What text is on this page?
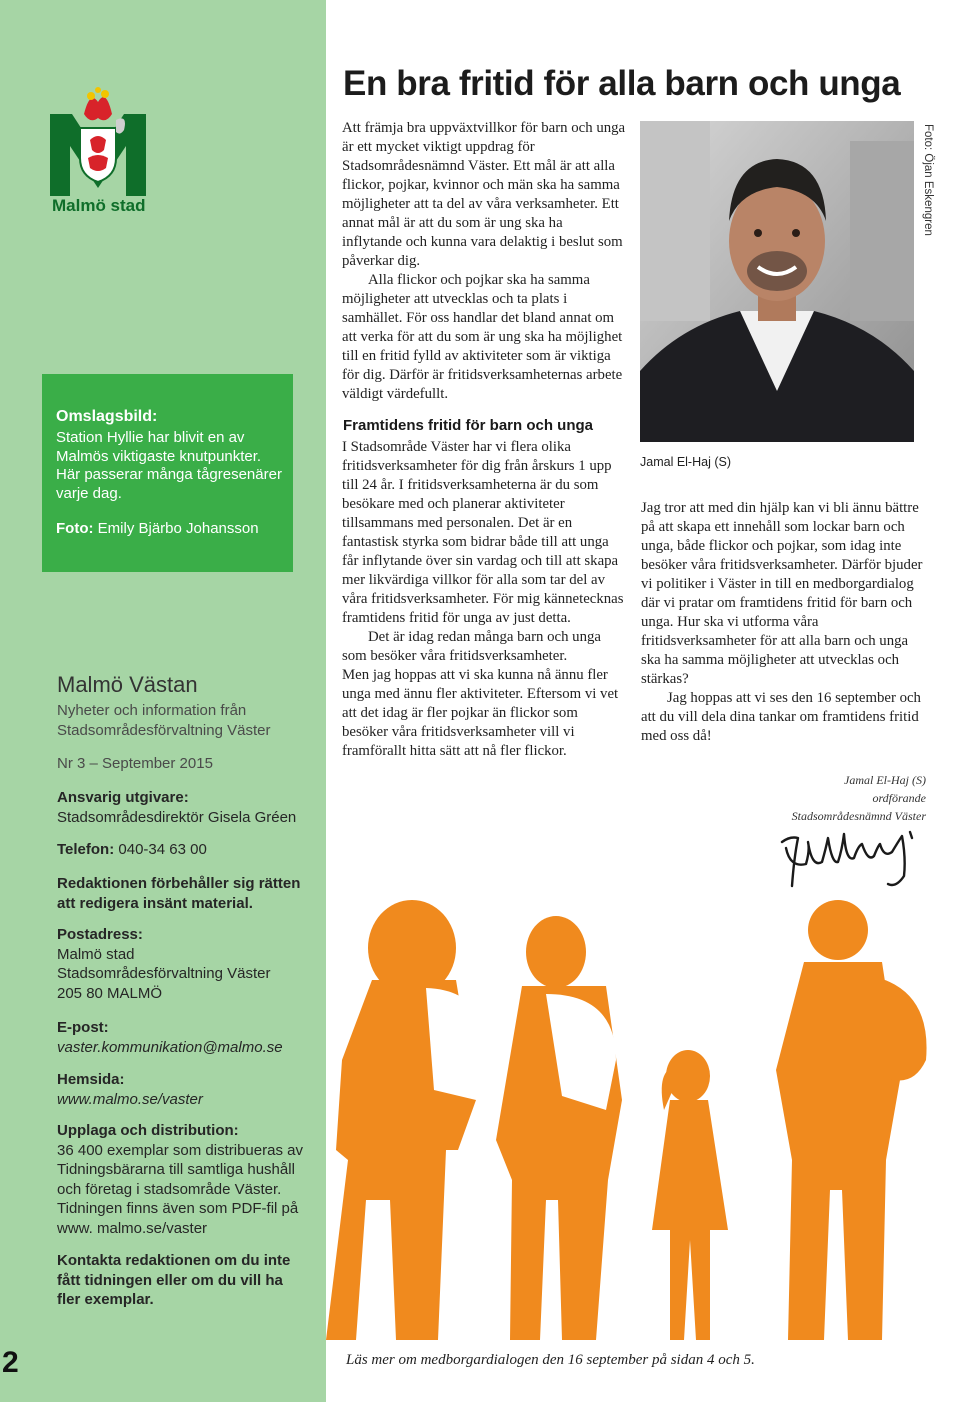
Malmö stad
Omslagsbild:
Station Hyllie har blivit en av Malmös viktigaste knutpunkter. Här passerar många tågresenärer varje dag.
Foto: Emily Bjärbo Johansson
Malmö Västan
Nyheter och information från Stadsområdesförvaltning Väster
Nr 3 – September 2015
Ansvarig utgivare:
Stadsområdesdirektör Gisela Gréen
Telefon: 040-34 63 00
Redaktionen förbehåller sig rätten att redigera insänt material.
Postadress:
Malmö stad
Stadsområdesförvaltning Väster
205 80 MALMÖ
E-post:
vaster.kommunikation@malmo.se
Hemsida:
www.malmo.se/vaster
Upplaga och distribution:
36 400 exemplar som distribueras av Tidningsbärarna till samtliga hushåll och företag i stadsområde Väster. Tidningen finns även som PDF-fil på www. malmo.se/vaster
Kontakta redaktionen om du inte fått tidningen eller om du vill ha fler exemplar.
2
En bra fritid för alla barn och unga

Att främja bra uppväxtvillkor för barn och unga är ett mycket viktigt uppdrag för Stadsområdesnämnd Väster. Ett mål är att alla flickor, pojkar, kvinnor och män ska ha samma möjligheter att ta del av våra verksamheter. Ett annat mål är att du som är ung ska ha inflytande och kunna vara delaktig i beslut som påverkar dig.

Alla flickor och pojkar ska ha samma möjligheter att utvecklas och ta plats i samhället. För oss handlar det bland annat om att verka för att du som är ung ska ha möjlighet till en fritid fylld av aktiviteter som är viktiga för dig. Därför är fritidsverksamheternas arbete väldigt värdefullt.

Framtidens fritid för barn och unga

I Stadsområde Väster har vi flera olika fritidsverksamheter för dig från årskurs 1 upp till 24 år. I fritidsverksamheterna är du som besökare med och planerar aktiviteter tillsammans med personalen. Det är en fantastisk styrka som bidrar både till att unga får inflytande över sin vardag och till att skapa mer likvärdiga villkor för alla som tar del av våra fritidsverksamheter. För mig kännetecknas framtidens fritid för unga av just detta.

Det är idag redan många barn och unga som besöker våra fritidsverksamheter.

Men jag hoppas att vi ska kunna nå ännu fler unga med ännu fler aktiviteter. Eftersom vi vet att det idag är fler pojkar än flickor som besöker våra fritidsverksamheter vill vi framförallt hitta sätt att nå fler flickor.

Foto: Öjan Eskengren
Jamal El-Haj (S)

Jag tror att med din hjälp kan vi bli ännu bättre på att skapa ett innehåll som lockar barn och unga, både flickor och pojkar, som idag inte besöker våra fritidsverksamheter. Därför bjuder vi politiker i Väster in till en medborgardialog där vi pratar om framtidens fritid för barn och unga. Hur ska vi utforma våra fritidsverksamheter för att alla barn och unga ska ha samma möjligheter att utvecklas och stärkas?

Jag hoppas att vi ses den 16 september och att du vill dela dina tankar om framtidens fritid med oss då!

Jamal El-Haj (S)
ordförande
Stadsområdesnämnd Väster
Läs mer om medborgardialogen den 16 september på sidan 4 och 5.
